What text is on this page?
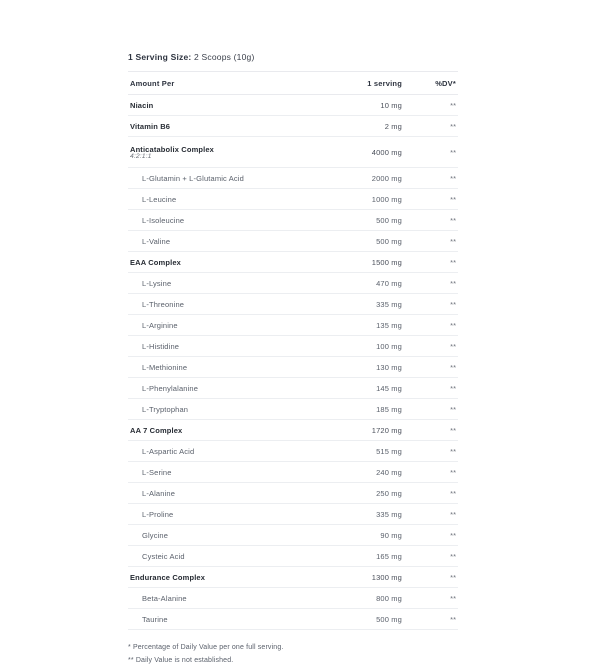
1 Serving Size: 2 Scoops (10g)
Amount Per	1 serving	%DV*
Niacin	10 mg	**
Vitamin B6	2 mg	**
Anticatabolix Complex
4:2:1:1	4000 mg	**
L-Glutamin + L-Glutamic Acid	2000 mg	**
L-Leucine	1000 mg	**
L-Isoleucine	500 mg	**
L-Valine	500 mg	**
EAA Complex	1500 mg	**
L-Lysine	470 mg	**
L-Threonine	335 mg	**
L-Arginine	135 mg	**
L-Histidine	100 mg	**
L-Methionine	130 mg	**
L-Phenylalanine	145 mg	**
L-Tryptophan	185 mg	**
AA 7 Complex	1720 mg	**
L-Aspartic Acid	515 mg	**
L-Serine	240 mg	**
L-Alanine	250 mg	**
L-Proline	335 mg	**
Glycine	90 mg	**
Cysteic Acid	165 mg	**
Endurance Complex	1300 mg	**
Beta-Alanine	800 mg	**
Taurine	500 mg	**
* Percentage of Daily Value per one full serving.
** Daily Value is not established.
